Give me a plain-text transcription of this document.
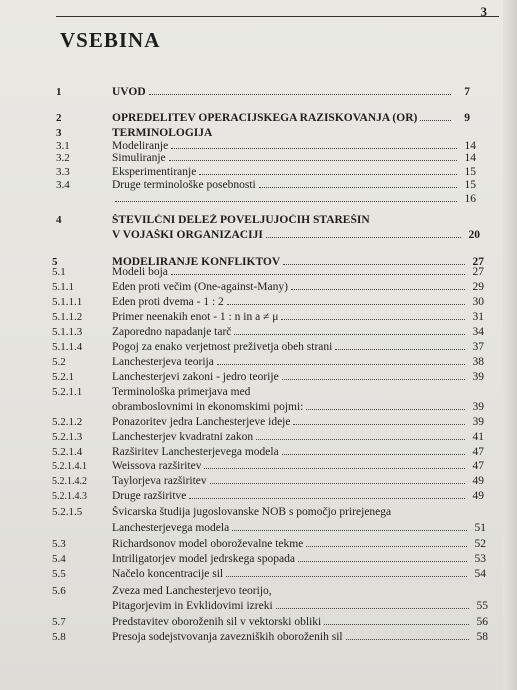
3
VSEBINA
1	UVOD	7
2	OPREDELITEV OPERACIJSKEGA RAZISKOVANJA (OR)	9
3	TERMINOLOGIJA
3.1	Modeliranje	14
3.2	Simuliranje	14
3.3	Eksperimentiranje	15
3.4	Druge terminološke posebnosti	15
16
4	ŠTEVILČNI DELEŽ POVELJUJOČIH STAREŠIN
V VOJAŠKI ORGANIZACIJI	20
5	MODELIRANJE KONFLIKTOV	27
5.1	Modeli boja	27
5.1.1	Eden proti večim (One-against-Many)	29
5.1.1.1	Eden proti dvema - 1 : 2	30
5.1.1.2	Primer neenakih enot - 1 : n in a ≠ μ	31
5.1.1.3	Zaporedno napadanje tarč	34
5.1.1.4	Pogoj za enako verjetnost preživetja obeh strani	37
5.2	Lanchesterjeva teorija	38
5.2.1	Lanchesterjevi zakoni - jedro teorije	39
5.2.1.1	Terminološka primerjava med
obramboslovnimi in ekonomskimi pojmi:	39
5.2.1.2	Ponazoritev jedra Lanchesterjeve ideje	39
5.2.1.3	Lanchesterjev kvadratni zakon	41
5.2.1.4	Razširitev Lanchesterjevega modela	47
5.2.1.4.1	Weissova razširitev	47
5.2.1.4.2	Taylorjeva razširitev	49
5.2.1.4.3	Druge razširitve	49
5.2.1.5	Švicarska študija jugoslovanske NOB s pomočjo prirejenega
Lanchesterjevega modela	51
5.3	Richardsonov model oboroževalne tekme	52
5.4	Intriligatorjev model jedrskega spopada	53
5.5	Načelo koncentracije sil	54
5.6	Zveza med Lanchesterjevo teorijo,
Pitagorjevim in Evklidovimi izreki	55
5.7	Predstavitev oboroženih sil v vektorski obliki	56
5.8	Presoja sodejstvovanja zavezniških oboroženih sil	58
